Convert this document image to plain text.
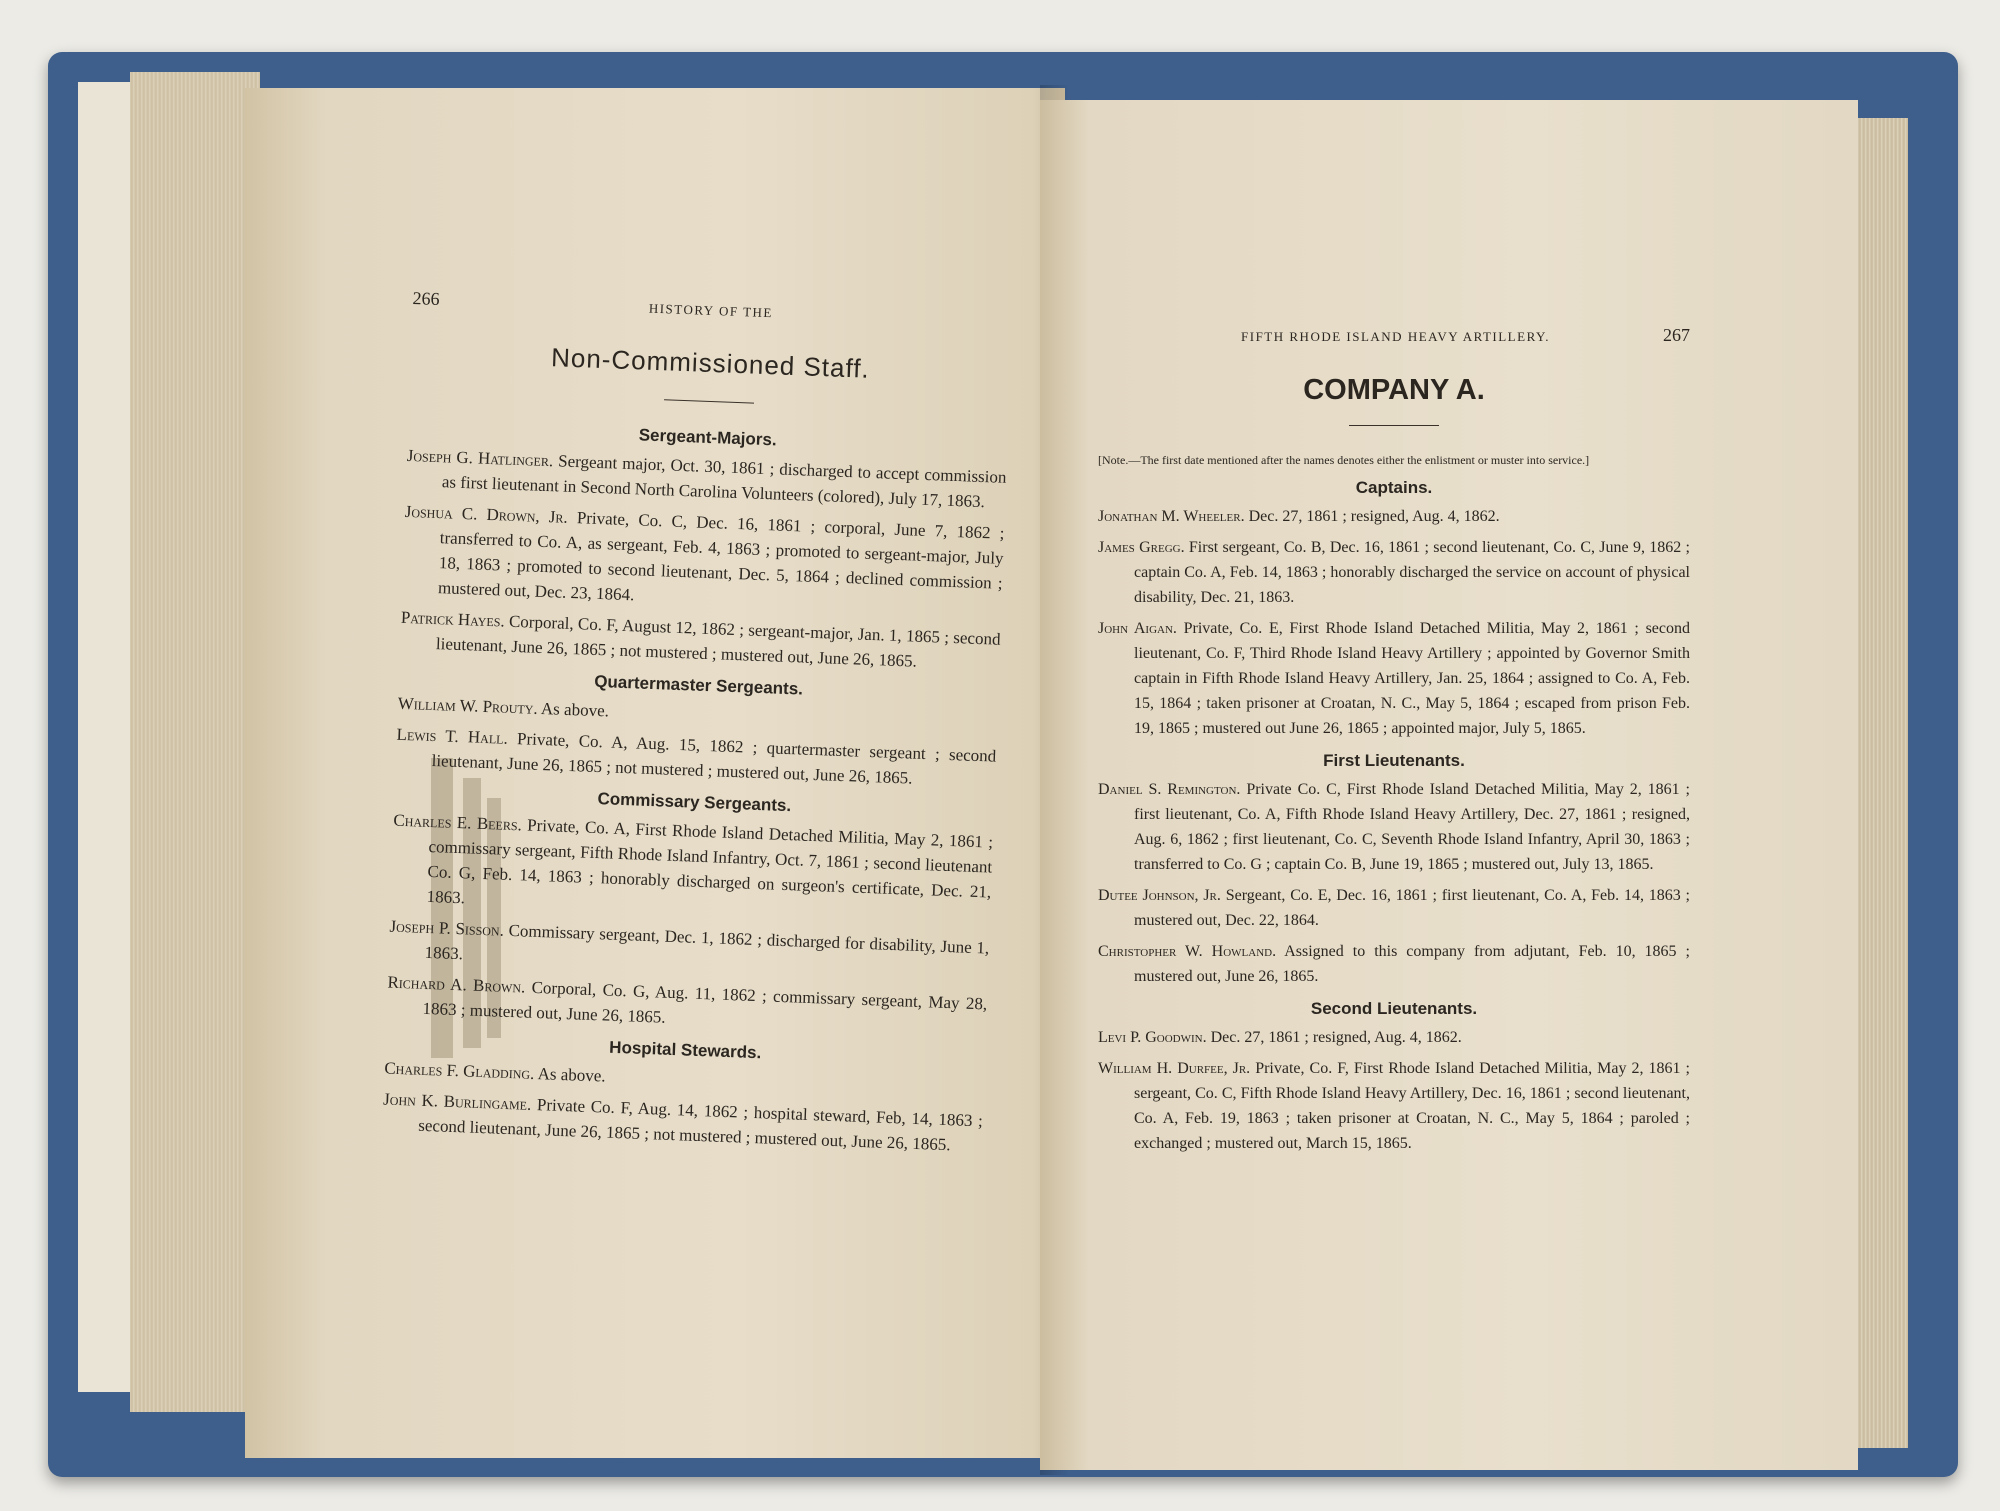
266
HISTORY OF THE
Non-Commissioned Staff.
Sergeant-Majors.
Joseph G. Hatlinger. Sergeant major, Oct. 30, 1861 ; discharged to accept commission as first lieutenant in Second North Carolina Volunteers (colored), July 17, 1863.
Joshua C. Drown, Jr. Private, Co. C, Dec. 16, 1861 ; corporal, June 7, 1862 ; transferred to Co. A, as sergeant, Feb. 4, 1863 ; promoted to sergeant-major, July 18, 1863 ; promoted to second lieutenant, Dec. 5, 1864 ; declined commission ; mustered out, Dec. 23, 1864.
Patrick Hayes. Corporal, Co. F, August 12, 1862 ; sergeant-major, Jan. 1, 1865 ; second lieutenant, June 26, 1865 ; not mustered ; mustered out, June 26, 1865.
Quartermaster Sergeants.
William W. Prouty. As above.
Lewis T. Hall. Private, Co. A, Aug. 15, 1862 ; quartermaster sergeant ; second lieutenant, June 26, 1865 ; not mustered ; mustered out, June 26, 1865.
Commissary Sergeants.
Charles E. Beers. Private, Co. A, First Rhode Island Detached Militia, May 2, 1861 ; commissary sergeant, Fifth Rhode Island Infantry, Oct. 7, 1861 ; second lieutenant Co. G, Feb. 14, 1863 ; honorably discharged on surgeon's certificate, Dec. 21, 1863.
Joseph P. Sisson. Commissary sergeant, Dec. 1, 1862 ; discharged for disability, June 1, 1863.
Richard A. Brown. Corporal, Co. G, Aug. 11, 1862 ; commissary sergeant, May 28, 1863 ; mustered out, June 26, 1865.
Hospital Stewards.
Charles F. Gladding. As above.
John K. Burlingame. Private Co. F, Aug. 14, 1862 ; hospital steward, Feb, 14, 1863 ; second lieutenant, June 26, 1865 ; not mustered ; mustered out, June 26, 1865.
FIFTH RHODE ISLAND HEAVY ARTILLERY.	267
COMPANY A.
[Note.—The first date mentioned after the names denotes either the enlistment or muster into service.]
Captains.
Jonathan M. Wheeler. Dec. 27, 1861 ; resigned, Aug. 4, 1862.
James Gregg. First sergeant, Co. B, Dec. 16, 1861 ; second lieutenant, Co. C, June 9, 1862 ; captain Co. A, Feb. 14, 1863 ; honorably discharged the service on account of physical disability, Dec. 21, 1863.
John Aigan. Private, Co. E, First Rhode Island Detached Militia, May 2, 1861 ; second lieutenant, Co. F, Third Rhode Island Heavy Artillery ; appointed by Governor Smith captain in Fifth Rhode Island Heavy Artillery, Jan. 25, 1864 ; assigned to Co. A, Feb. 15, 1864 ; taken prisoner at Croatan, N. C., May 5, 1864 ; escaped from prison Feb. 19, 1865 ; mustered out June 26, 1865 ; appointed major, July 5, 1865.
First Lieutenants.
Daniel S. Remington. Private Co. C, First Rhode Island Detached Militia, May 2, 1861 ; first lieutenant, Co. A, Fifth Rhode Island Heavy Artillery, Dec. 27, 1861 ; resigned, Aug. 6, 1862 ; first lieutenant, Co. C, Seventh Rhode Island Infantry, April 30, 1863 ; transferred to Co. G ; captain Co. B, June 19, 1865 ; mustered out, July 13, 1865.
Dutee Johnson, Jr. Sergeant, Co. E, Dec. 16, 1861 ; first lieutenant, Co. A, Feb. 14, 1863 ; mustered out, Dec. 22, 1864.
Christopher W. Howland. Assigned to this company from adjutant, Feb. 10, 1865 ; mustered out, June 26, 1865.
Second Lieutenants.
Levi P. Goodwin. Dec. 27, 1861 ; resigned, Aug. 4, 1862.
William H. Durfee, Jr. Private, Co. F, First Rhode Island Detached Militia, May 2, 1861 ; sergeant, Co. C, Fifth Rhode Island Heavy Artillery, Dec. 16, 1861 ; second lieutenant, Co. A, Feb. 19, 1863 ; taken prisoner at Croatan, N. C., May 5, 1864 ; paroled ; exchanged ; mustered out, March 15, 1865.
